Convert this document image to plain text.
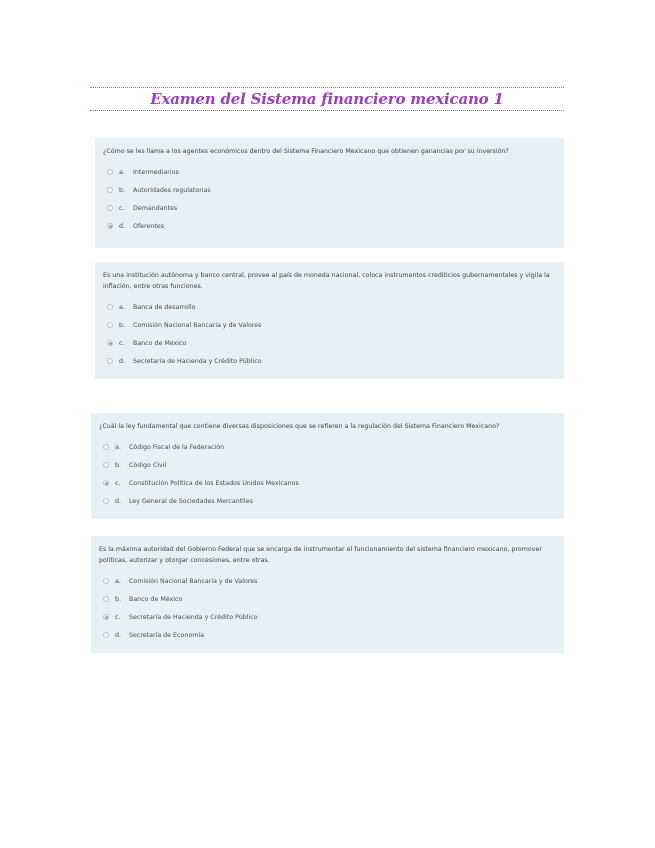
Examen del Sistema financiero mexicano 1

¿Cómo se les llama a los agentes económicos dentro del Sistema Financiero Mexicano que obtienen ganancias por su inversión?

a.	Intermediarios
b.	Autoridades regulatorias
c.	Demandantes
d.	Oferentes

Es una institución autónoma y banco central, provee al país de moneda nacional, coloca instrumentos crediticios gubernamentales y vigila la inflación, entre otras funciones.

a.	Banca de desarrollo
b.	Comisión Nacional Bancaria y de Valores
c.	Banco de México
d.	Secretaría de Hacienda y Crédito Público

¿Cuál la ley fundamental que contiene diversas disposiciones que se refieren a la regulación del Sistema Financiero Mexicano?

a.	Código Fiscal de la Federación
b.	Código Civil
c.	Constitución Política de los Estados Unidos Mexicanos
d.	Ley General de Sociedades Mercantiles

Es la máxima autoridad del Gobierno Federal que se encarga de instrumentar el funcionamiento del sistema financiero mexicano, promover políticas, autorizar y otorgar concesiones, entre otras.

a.	Comisión Nacional Bancaria y de Valores
b.	Banco de México
c.	Secretaría de Hacienda y Crédito Público
d.	Secretaría de Economía
